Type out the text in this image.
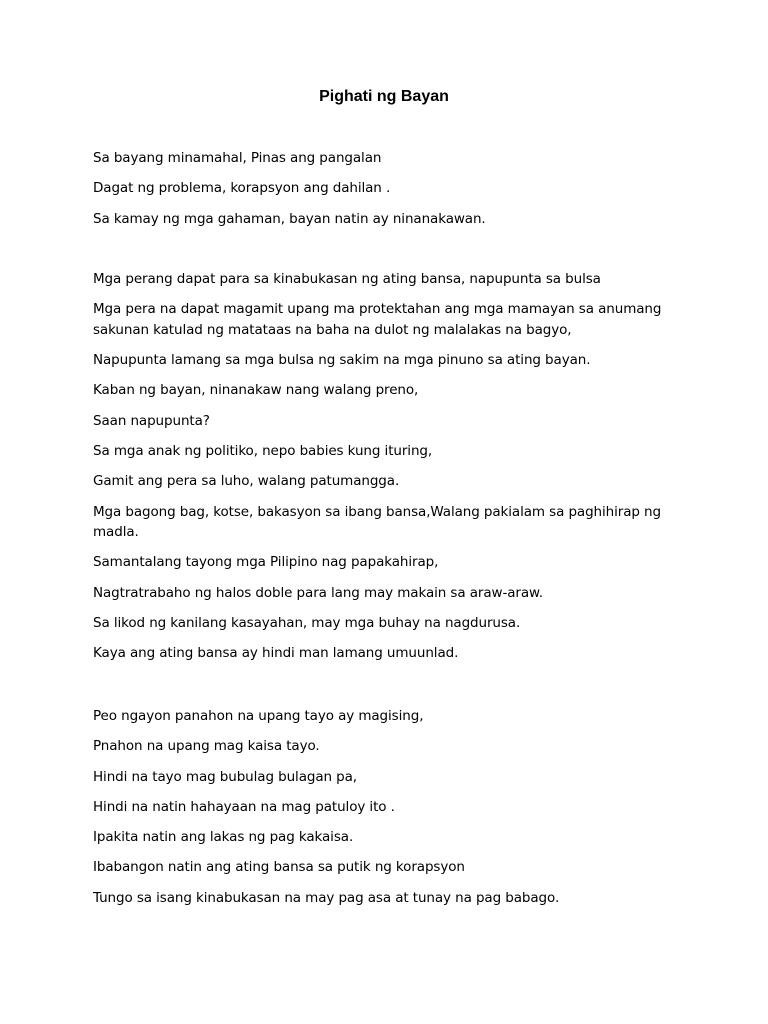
Pighati ng Bayan
Sa bayang minamahal, Pinas ang pangalan
Dagat ng problema, korapsyon ang dahilan .
Sa kamay ng mga gahaman, bayan natin ay ninanakawan.
Mga perang dapat para sa kinabukasan ng ating bansa, napupunta sa bulsa
Mga pera na dapat magamit upang ma protektahan ang mga mamayan sa anumang sakunan katulad ng matataas na baha na dulot ng malalakas na bagyo,
Napupunta lamang sa mga bulsa ng sakim na mga pinuno sa ating bayan.
Kaban ng bayan, ninanakaw nang walang preno,
Saan napupunta?
Sa mga anak ng politiko, nepo babies kung ituring,
Gamit ang pera sa luho, walang patumangga.
Mga bagong bag, kotse, bakasyon sa ibang bansa,Walang pakialam sa paghihirap ng madla.
Samantalang tayong mga Pilipino nag papakahirap,
Nagtratrabaho ng halos doble para lang may makain sa araw-araw.
Sa likod ng kanilang kasayahan, may mga buhay na nagdurusa.
Kaya ang ating bansa ay hindi man lamang umuunlad.
Peo ngayon panahon na upang tayo ay magising,
Pnahon na upang mag kaisa tayo.
Hindi na tayo mag bubulag bulagan pa,
Hindi na natin hahayaan na mag patuloy ito .
Ipakita natin ang lakas ng pag kakaisa.
Ibabangon natin ang ating bansa sa putik ng korapsyon
Tungo sa isang kinabukasan na may pag asa at tunay na pag babago.
